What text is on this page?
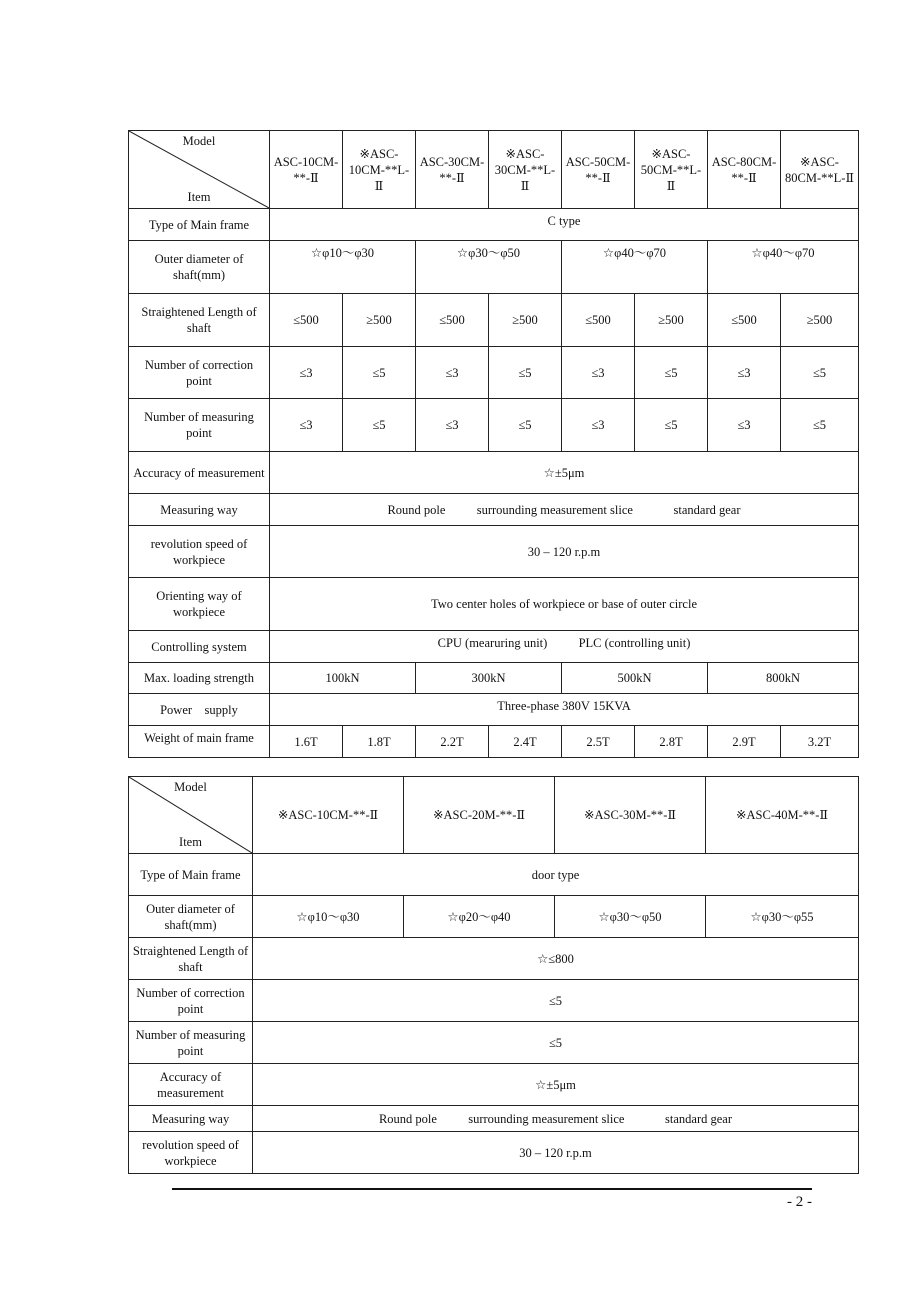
Model
Item	ASC-10CM-**-Ⅱ	※ASC-10CM-**L-Ⅱ	ASC-30CM-**-Ⅱ	※ASC-30CM-**L-Ⅱ	ASC-50CM-**-Ⅱ	※ASC-50CM-**L-Ⅱ	ASC-80CM-**-Ⅱ	※ASC-80CM-**L-Ⅱ
Type of Main frame	C type							
Outer diameter of shaft(mm)	☆φ10～φ30		☆φ30～φ50		☆φ40～φ70		☆φ40～φ70	
Straightened Length of shaft	≤500	≥500	≤500	≥500	≤500	≥500	≤500	≥500
Number of correction point	≤3	≤5	≤3	≤5	≤3	≤5	≤3	≤5
Number of measuring point	≤3	≤5	≤3	≤5	≤3	≤5	≤3	≤5
Accuracy of measurement	☆±5μm							
Measuring way	Round pole          surrounding measurement slice             standard gear							
revolution speed of workpiece	30 – 120 r.p.m							
Orienting way of workpiece	Two center holes of workpiece or base of outer circle							
Controlling system	CPU (mearuring unit)          PLC (controlling unit)							
Max. loading strength	100kN		300kN		500kN		800kN	
Power    supply	Three-phase 380V 15KVA							
Weight of main frame	1.6T	1.8T	2.2T	2.4T	2.5T	2.8T	2.9T	3.2T
Model
Item	※ASC-10CM-**-Ⅱ	※ASC-20M-**-Ⅱ	※ASC-30M-**-Ⅱ	※ASC-40M-**-Ⅱ
Type of Main frame	door type			
Outer diameter of shaft(mm)	☆φ10～φ30	☆φ20～φ40	☆φ30～φ50	☆φ30～φ55
Straightened Length of shaft	☆≤800			
Number of correction point	≤5			
Number of measuring point	≤5			
Accuracy of measurement	☆±5μm			
Measuring way	Round pole          surrounding measurement slice             standard gear			
revolution speed of workpiece	30 – 120 r.p.m			
- 2 -
